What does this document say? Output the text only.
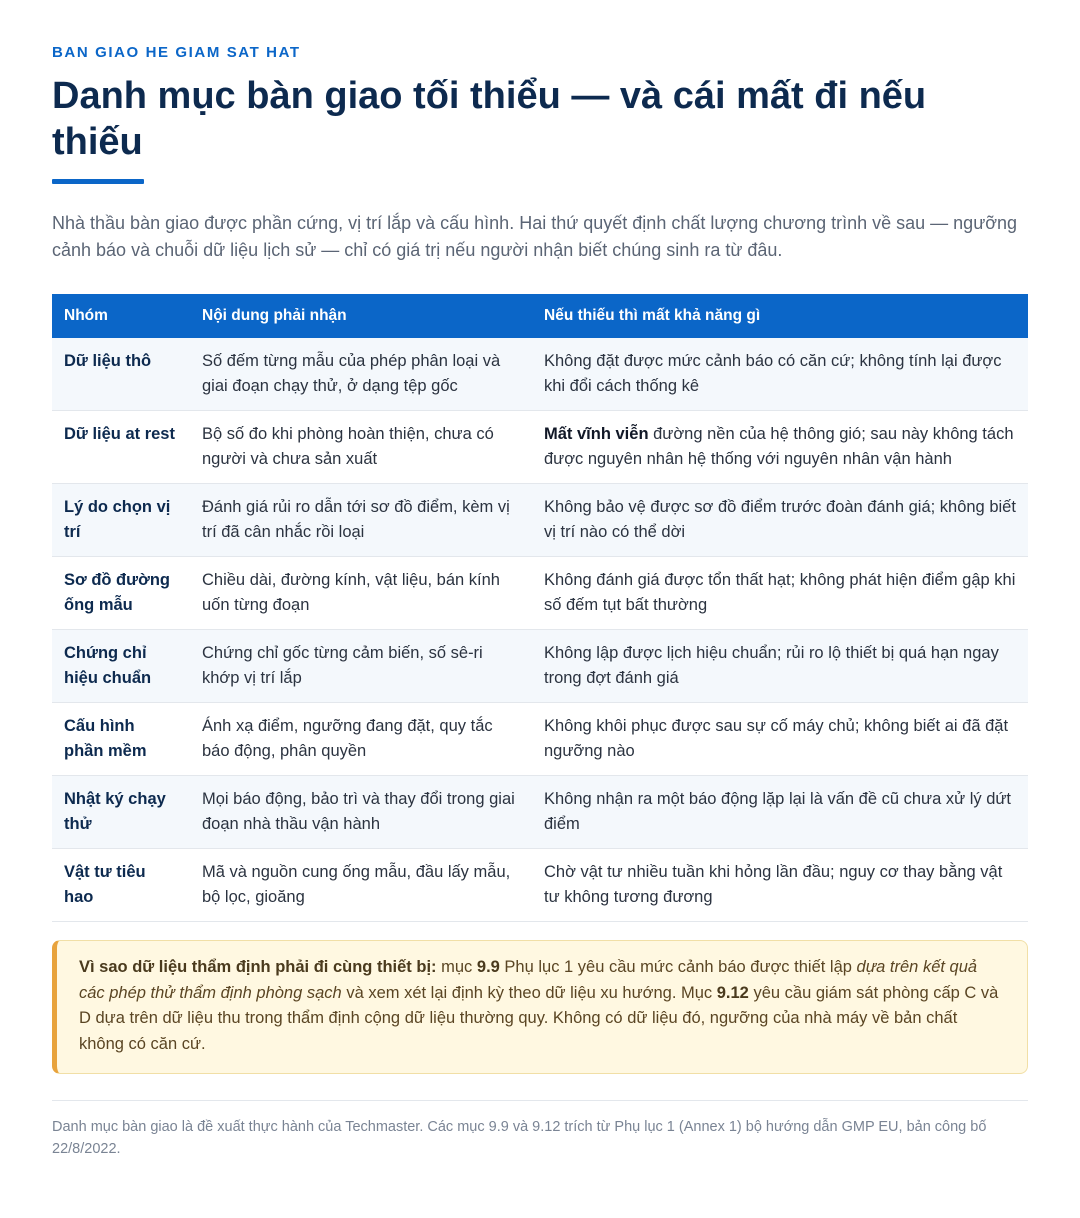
BAN GIAO HE GIAM SAT HAT
Danh mục bàn giao tối thiểu — và cái mất đi nếu thiếu

Nhà thầu bàn giao được phần cứng, vị trí lắp và cấu hình. Hai thứ quyết định chất lượng chương trình về sau — ngưỡng cảnh báo và chuỗi dữ liệu lịch sử — chỉ có giá trị nếu người nhận biết chúng sinh ra từ đâu.

Nhóm	Nội dung phải nhận	Nếu thiếu thì mất khả năng gì
Dữ liệu thô	Số đếm từng mẫu của phép phân loại và giai đoạn chạy thử, ở dạng tệp gốc	Không đặt được mức cảnh báo có căn cứ; không tính lại được khi đổi cách thống kê
Dữ liệu at rest	Bộ số đo khi phòng hoàn thiện, chưa có người và chưa sản xuất	Mất vĩnh viễn đường nền của hệ thông gió; sau này không tách được nguyên nhân hệ thống với nguyên nhân vận hành
Lý do chọn vị trí	Đánh giá rủi ro dẫn tới sơ đồ điểm, kèm vị trí đã cân nhắc rồi loại	Không bảo vệ được sơ đồ điểm trước đoàn đánh giá; không biết vị trí nào có thể dời
Sơ đồ đường ống mẫu	Chiều dài, đường kính, vật liệu, bán kính uốn từng đoạn	Không đánh giá được tổn thất hạt; không phát hiện điểm gập khi số đếm tụt bất thường
Chứng chỉ hiệu chuẩn	Chứng chỉ gốc từng cảm biến, số sê-ri khớp vị trí lắp	Không lập được lịch hiệu chuẩn; rủi ro lộ thiết bị quá hạn ngay trong đợt đánh giá
Cấu hình phần mềm	Ánh xạ điểm, ngưỡng đang đặt, quy tắc báo động, phân quyền	Không khôi phục được sau sự cố máy chủ; không biết ai đã đặt ngưỡng nào
Nhật ký chạy thử	Mọi báo động, bảo trì và thay đổi trong giai đoạn nhà thầu vận hành	Không nhận ra một báo động lặp lại là vấn đề cũ chưa xử lý dứt điểm
Vật tư tiêu hao	Mã và nguồn cung ống mẫu, đầu lấy mẫu, bộ lọc, gioăng	Chờ vật tư nhiều tuần khi hỏng lần đầu; nguy cơ thay bằng vật tư không tương đương
Vì sao dữ liệu thẩm định phải đi cùng thiết bị: mục 9.9 Phụ lục 1 yêu cầu mức cảnh báo được thiết lập dựa trên kết quả các phép thử thẩm định phòng sạch và xem xét lại định kỳ theo dữ liệu xu hướng. Mục 9.12 yêu cầu giám sát phòng cấp C và D dựa trên dữ liệu thu trong thẩm định cộng dữ liệu thường quy. Không có dữ liệu đó, ngưỡng của nhà máy về bản chất không có căn cứ.

Danh mục bàn giao là đề xuất thực hành của Techmaster. Các mục 9.9 và 9.12 trích từ Phụ lục 1 (Annex 1) bộ hướng dẫn GMP EU, bản công bố 22/8/2022.
